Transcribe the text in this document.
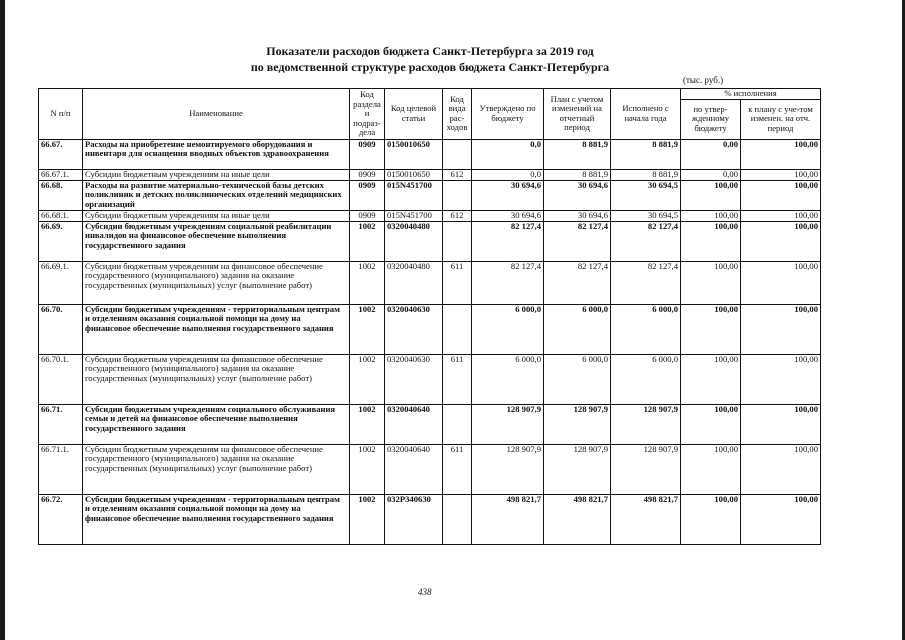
Показатели расходов бюджета Санкт-Петербурга за 2019 год
по ведомственной структуре расходов бюджета Санкт-Петербурга
(тыс. руб.)
N п/п	Наименование	Код раздела и подраз-дела	Код целевой статьи	Код вида рас-ходов	Утверждено по бюджету	План с учетом изменений на отчетный период	Исполнено с начала года	% исполнения	
								по утвер-жденному бюджету	к плану с уче-том изменен. на отч. период
66.67.	Расходы на приобретение немонтируемого оборудования и инвентаря для оснащения вводных объектов здравоохранения	0909	0150010650		0,0	8 881,9	8 881,9	0,00	100,00
66.67.1.	Субсидии бюджетным учреждениям на иные цели	0909	0150010650	612	0,0	8 881,9	8 881,9	0,00	100,00
66.68.	Расходы на развитие материально-технической базы детских поликлиник и детских поликлинических отделений медицинских организаций	0909	015N451700		30 694,6	30 694,6	30 694,5	100,00	100,00
66.68.1.	Субсидии бюджетным учреждениям на иные цели	0909	015N451700	612	30 694,6	30 694,6	30 694,5	100,00	100,00
66.69.	Субсидии бюджетным учреждениям социальной реабилитации инвалидов на финансовое обеспечение выполнения государственного задания	1002	0320040480		82 127,4	82 127,4	82 127,4	100,00	100,00
66.69.1.	Субсидии бюджетным учреждениям на финансовое обеспечение государственного (муниципального) задания на оказание государственных (муниципальных) услуг (выполнение работ)	1002	0320040480	611	82 127,4	82 127,4	82 127,4	100,00	100,00
66.70.	Субсидии бюджетным учреждениям - территориальным центрам и отделениям оказания социальной помощи на дому на финансовое обеспечение выполнения государственного задания	1002	0320040630		6 000,0	6 000,0	6 000,0	100,00	100,00
66.70.1.	Субсидии бюджетным учреждениям на финансовое обеспечение государственного (муниципального) задания на оказание государственных (муниципальных) услуг (выполнение работ)	1002	0320040630	611	6 000,0	6 000,0	6 000,0	100,00	100,00
66.71.	Субсидии бюджетным учреждениям социального обслуживания семьи и детей на финансовое обеспечение выполнения государственного задания	1002	0320040640		128 907,9	128 907,9	128 907,9	100,00	100,00
66.71.1.	Субсидии бюджетным учреждениям на финансовое обеспечение государственного (муниципального) задания на оказание государственных (муниципальных) услуг (выполнение работ)	1002	0320040640	611	128 907,9	128 907,9	128 907,9	100,00	100,00
66.72.	Субсидии бюджетным учреждениям - территориальным центрам и отделениям оказания социальной помощи на дому на финансовое обеспечение выполнения государственного задания	1002	032P340630		498 821,7	498 821,7	498 821,7	100,00	100,00
438
